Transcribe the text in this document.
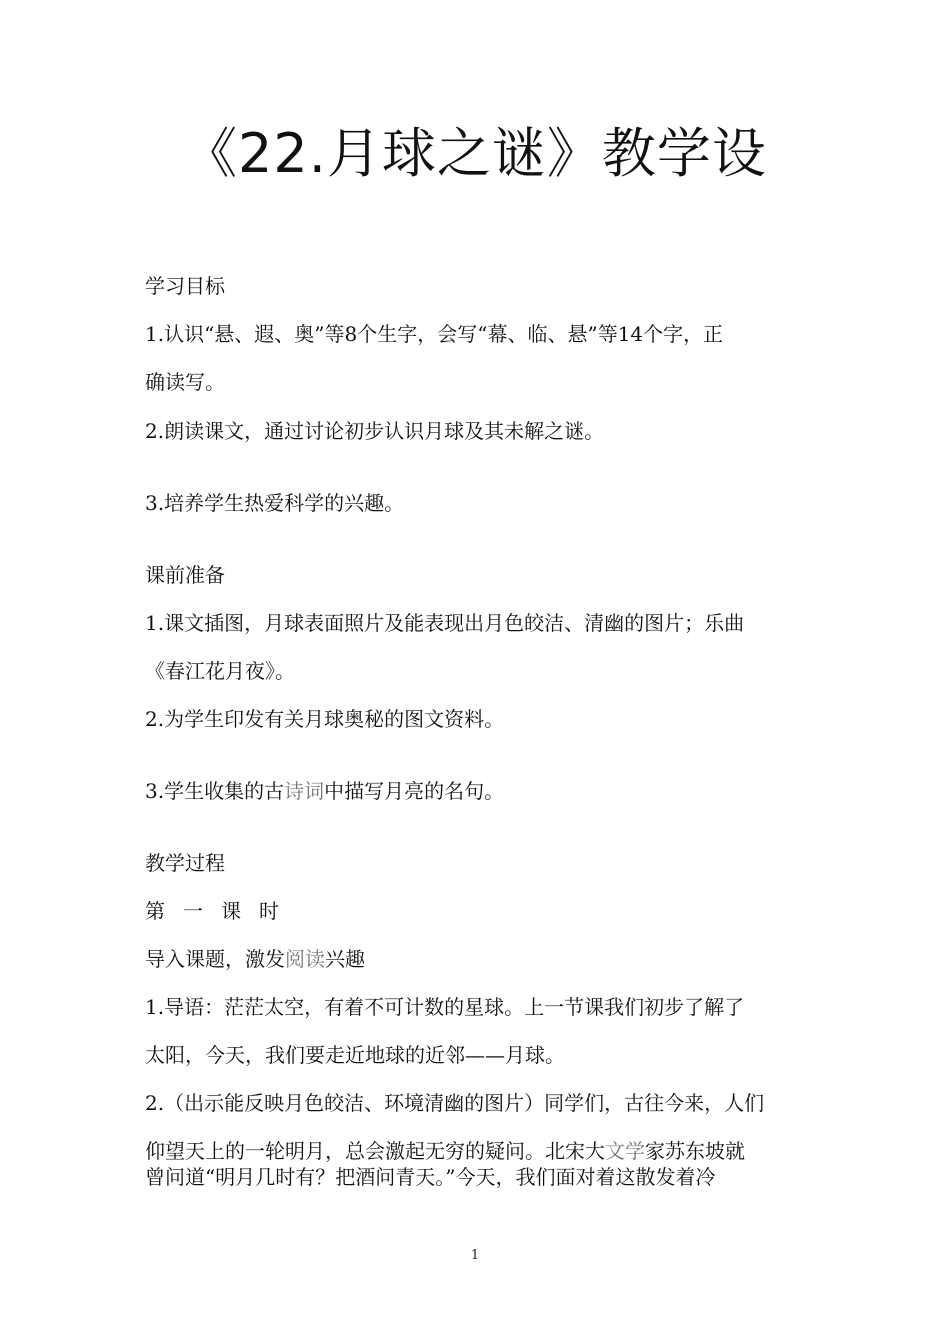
《22.月球之谜》教学设
学习目标
1.认识“悬、遐、奥”等8个生字，会写“幕、临、悬”等14个字，正
确读写。
2.朗读课文，通过讨论初步认识月球及其未解之谜。
3.培养学生热爱科学的兴趣。
课前准备
1.课文插图，月球表面照片及能表现出月色皎洁、清幽的图片；乐曲
《春江花月夜》。
2.为学生印发有关月球奥秘的图文资料。
3.学生收集的古诗词中描写月亮的名句。
教学过程
第一课时
导入课题，激发阅读兴趣
1.导语：茫茫太空，有着不可计数的星球。上一节课我们初步了解了
太阳，今天，我们要走近地球的近邻——月球。
2.（出示能反映月色皎洁、环境清幽的图片）同学们，古往今来，人们
仰望天上的一轮明月，总会激起无穷的疑问。北宋大文学家苏东坡就
曾问道“明月几时有？把酒问青天。”今天，我们面对着这散发着冷
1
